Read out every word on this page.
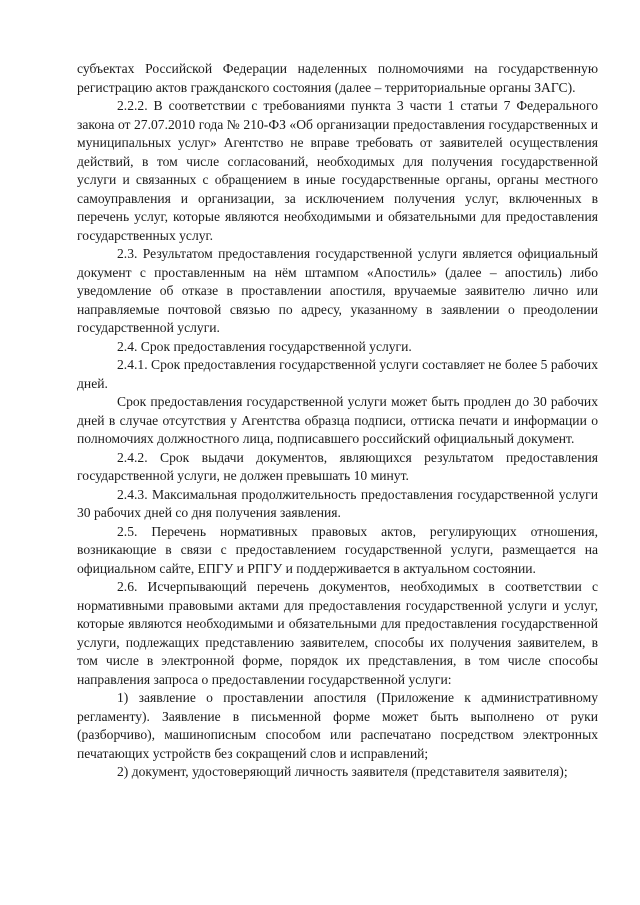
субъектах Российской Федерации наделенных полномочиями на государственную регистрацию актов гражданского состояния (далее – территориальные органы ЗАГС).

2.2.2. В соответствии с требованиями пункта 3 части 1 статьи 7 Федерального закона от 27.07.2010 года № 210-ФЗ «Об организации предоставления государственных и муниципальных услуг» Агентство не вправе требовать от заявителей осуществления действий, в том числе согласований, необходимых для получения государственной услуги и связанных с обращением в иные государственные органы, органы местного самоуправления и организации, за исключением получения услуг, включенных в перечень услуг, которые являются необходимыми и обязательными для предоставления государственных услуг.

2.3. Результатом предоставления государственной услуги является официальный документ с проставленным на нём штампом «Апостиль» (далее – апостиль) либо уведомление об отказе в проставлении апостиля, вручаемые заявителю лично или направляемые почтовой связью по адресу, указанному в заявлении о преодолении государственной услуги.

2.4. Срок предоставления государственной услуги.

2.4.1. Срок предоставления государственной услуги составляет не более 5 рабочих дней.

Срок предоставления государственной услуги может быть продлен до 30 рабочих дней в случае отсутствия у Агентства образца подписи, оттиска печати и информации о полномочиях должностного лица, подписавшего российский официальный документ.

2.4.2. Срок выдачи документов, являющихся результатом предоставления государственной услуги, не должен превышать 10 минут.

2.4.3. Максимальная продолжительность предоставления государственной услуги 30 рабочих дней со дня получения заявления.

2.5. Перечень нормативных правовых актов, регулирующих отношения, возникающие в связи с предоставлением государственной услуги, размещается на официальном сайте, ЕПГУ и РПГУ и поддерживается в актуальном состоянии.

2.6. Исчерпывающий перечень документов, необходимых в соответствии с нормативными правовыми актами для предоставления государственной услуги и услуг, которые являются необходимыми и обязательными для предоставления государственной услуги, подлежащих представлению заявителем, способы их получения заявителем, в том числе в электронной форме, порядок их представления, в том числе способы направления запроса о предоставлении государственной услуги:

1) заявление о проставлении апостиля (Приложение к административному регламенту). Заявление в письменной форме может быть выполнено от руки (разборчиво), машинописным способом или распечатано посредством электронных печатающих устройств без сокращений слов и исправлений;

2) документ, удостоверяющий личность заявителя (представителя заявителя);
